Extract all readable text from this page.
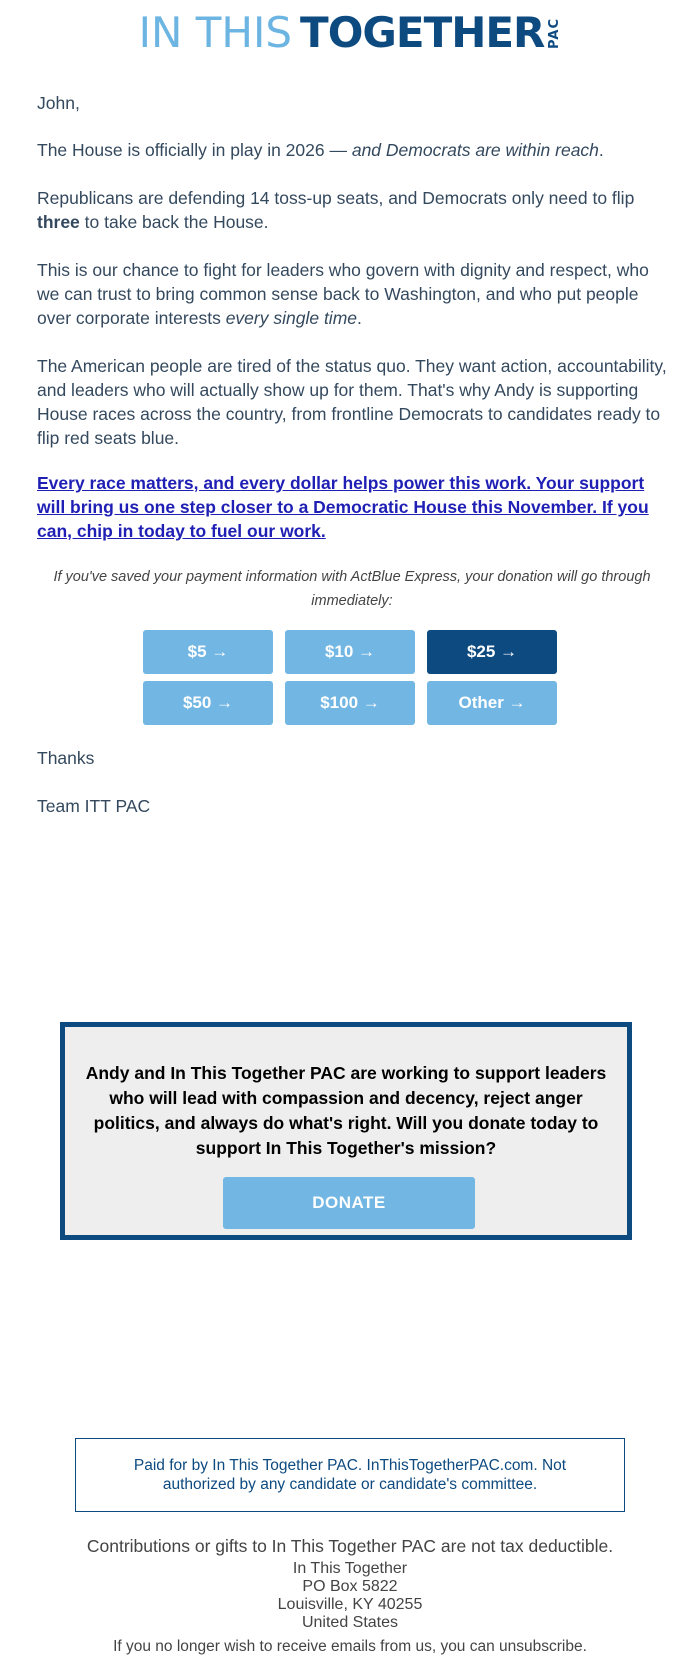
IN THIS TOGETHER PAC

John,

The House is officially in play in 2026 — and Democrats are within reach.

Republicans are defending 14 toss-up seats, and Democrats only need to flip three to take back the House.

This is our chance to fight for leaders who govern with dignity and respect, who we can trust to bring common sense back to Washington, and who put people over corporate interests every single time.

The American people are tired of the status quo. They want action, accountability, and leaders who will actually show up for them. That's why Andy is supporting House races across the country, from frontline Democrats to candidates ready to flip red seats blue.

Every race matters, and every dollar helps power this work. Your support will bring us one step closer to a Democratic House this November. If you can, chip in today to fuel our work.
If you've saved your payment information with ActBlue Express, your donation will go through immediately:
$5 →	$10 →	$25 →
$50 →	$100 →	Other →

Thanks

Team ITT PAC

Andy and In This Together PAC are working to support leaders who will lead with compassion and decency, reject anger politics, and always do what's right. Will you donate today to support In This Together's mission?

DONATE
Paid for by In This Together PAC. InThisTogetherPAC.com. Not authorized by any candidate or candidate's committee.
Contributions or gifts to In This Together PAC are not tax deductible.
In This Together
PO Box 5822
Louisville, KY 40255
United States
If you no longer wish to receive emails from us, you can unsubscribe.
